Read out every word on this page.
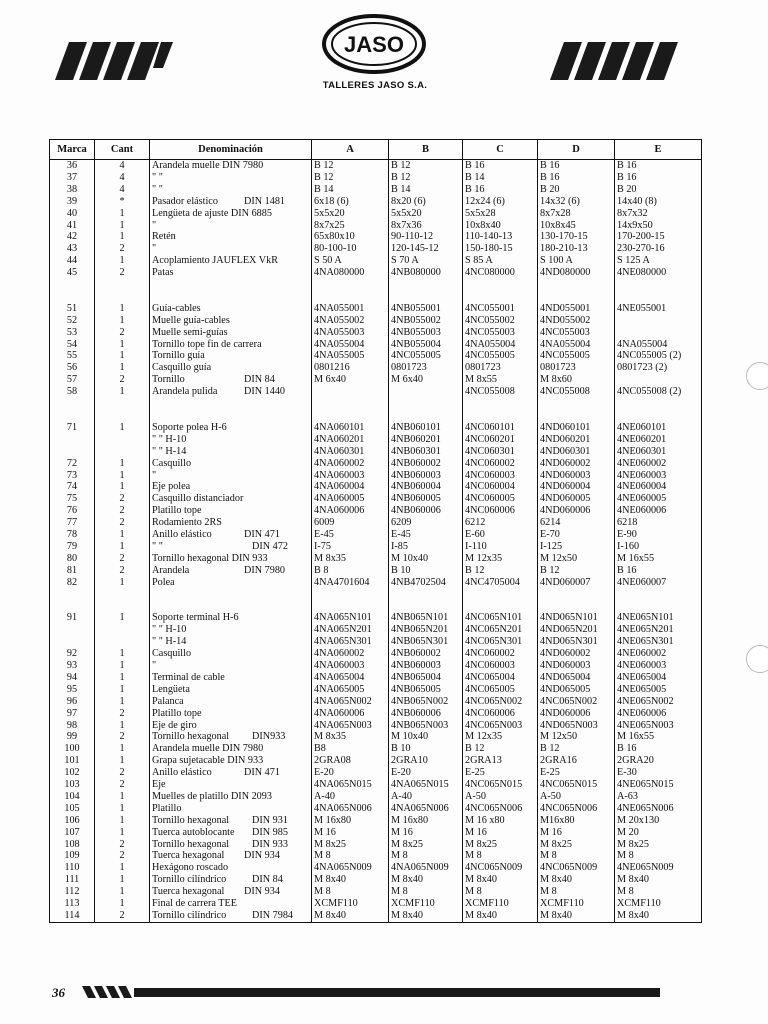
JASO
TALLERES JASO S.A.
Marca	Cant	Denominación	A	B	C	D	E
36	4	Arandela muelle DIN 7980	B 12	B 12	B 16	B 16	B 16
37	4	" "	B 12	B 12	B 14	B 16	B 16
38	4	" "	B 14	B 14	B 16	B 20	B 20
39	*	Pasador elástico DIN 1481	6x18 (6)	8x20 (6)	12x24 (6)	14x32 (6)	14x40 (8)
40	1	Lengüeta de ajuste DIN 6885	5x5x20	5x5x20	5x5x28	8x7x28	8x7x32
41	1	"	8x7x25	8x7x36	10x8x40	10x8x45	14x9x50
42	1	Retén	65x80x10	90-110-12	110-140-13	130-170-15	170-200-15
43	2	"	80-100-10	120-145-12	150-180-15	180-210-13	230-270-16
44	1	Acoplamiento JAUFLEX VkR	S 50 A	S 70 A	S 85 A	S 100 A	S 125 A
45	2	Patas	4NA080000	4NB080000	4NC080000	4ND080000	4NE080000

51	1	Guía-cables	4NA055001	4NB055001	4NC055001	4ND055001	4NE055001
52	1	Muelle guía-cables	4NA055002	4NB055002	4NC055002	4ND055002	
53	2	Muelle semi-guías	4NA055003	4NB055003	4NC055003	4NC055003	
54	1	Tornillo tope fin de carrera	4NA055004	4NB055004	4NA055004	4NA055004	4NA055004
55	1	Tornillo guía	4NA055005	4NC055005	4NC055005	4NC055005	4NC055005 (2)
56	1	Casquillo guía	0801216	0801723	0801723	0801723	0801723 (2)
57	2	Tornillo DIN 84	M 6x40	M 6x40	M 8x55	M 8x60	
58	1	Arandela pulida DIN 1440			4NC055008	4NC055008	4NC055008 (2)

71	1	Soporte polea H-6	4NA060101	4NB060101	4NC060101	4ND060101	4NE060101

		" " H-10	4NA060201	4NB060201	4NC060201	4ND060201	4NE060201

		" " H-14	4NA060301	4NB060301	4NC060301	4ND060301	4NE060301
72	1	Casquillo	4NA060002	4NB060002	4NC060002	4ND060002	4NE060002
73	1	"	4NA060003	4NB060003	4NC060003	4ND060003	4NE060003
74	1	Eje polea	4NA060004	4NB060004	4NC060004	4ND060004	4NE060004
75	2	Casquillo distanciador	4NA060005	4NB060005	4NC060005	4ND060005	4NE060005
76	2	Platillo tope	4NA060006	4NB060006	4NC060006	4ND060006	4NE060006
77	2	Rodamiento 2RS	6009	6209	6212	6214	6218
78	1	Anillo elástico DIN 471	E-45	E-45	E-60	E-70	E-90
79	1	" " DIN 472	I-75	I-85	I-110	I-125	I-160
80	2	Tornillo hexagonal DIN 933	M 8x35	M 10x40	M 12x35	M 12x50	M 16x55
81	2	Arandela DIN 7980	B 8	B 10	B 12	B 12	B 16
82	1	Polea	4NA4701604	4NB4702504	4NC4705004	4ND060007	4NE060007

91	1	Soporte terminal H-6	4NA065N101	4NB065N101	4NC065N101	4ND065N101	4NE065N101

		" " H-10	4NA065N201	4NB065N201	4NC065N201	4ND065N201	4NE065N201

		" " H-14	4NA065N301	4NB065N301	4NC065N301	4ND065N301	4NE065N301
92	1	Casquillo	4NA060002	4NB060002	4NC060002	4ND060002	4NE060002
93	1	"	4NA060003	4NB060003	4NC060003	4ND060003	4NE060003
94	1	Terminal de cable	4NA065004	4NB065004	4NC065004	4ND065004	4NE065004
95	1	Lengüeta	4NA065005	4NB065005	4NC065005	4ND065005	4NE065005
96	1	Palanca	4NA065N002	4NB065N002	4NC065N002	4NC065N002	4NE065N002
97	2	Platillo tope	4NA060006	4NB060006	4NC060006	4ND060006	4NE060006
98	1	Eje de giro	4NA065N003	4NB065N003	4NC065N003	4ND065N003	4NE065N003
99	2	Tornillo hexagonal DIN933	M 8x35	M 10x40	M 12x35	M 12x50	M 16x55
100	1	Arandela muelle DIN 7980	B8	B 10	B 12	B 12	B 16
101	1	Grapa sujetacable DIN 933	2GRA08	2GRA10	2GRA13	2GRA16	2GRA20
102	2	Anillo elástico DIN 471	E-20	E-20	E-25	E-25	E-30
103	2	Eje	4NA065N015	4NA065N015	4NC065N015	4NC065N015	4NE065N015
104	1	Muelles de platillo DIN 2093	A-40	A-40	A-50	A-50	A-63
105	1	Platillo	4NA065N006	4NA065N006	4NC065N006	4NC065N006	4NE065N006
106	1	Tornillo hexagonal DIN 931	M 16x80	M 16x80	M 16 x80	M16x80	M 20x130
107	1	Tuerca autoblocante DIN 985	M 16	M 16	M 16	M 16	M 20
108	2	Tornillo hexagonal DIN 933	M 8x25	M 8x25	M 8x25	M 8x25	M 8x25
109	2	Tuerca hexagonal DIN 934	M 8	M 8	M 8	M 8	M 8
110	1	Hexágono roscado	4NA065N009	4NA065N009	4NC065N009	4NC065N009	4NE065N009
111	1	Tornillo cilíndrico DIN 84	M 8x40	M 8x40	M 8x40	M 8x40	M 8x40
112	1	Tuerca hexagonal DIN 934	M 8	M 8	M 8	M 8	M 8
113	1	Final de carrera TEE	XCMF110	XCMF110	XCMF110	XCMF110	XCMF110
114	2	Tornillo cilíndrico DIN 7984	M 8x40	M 8x40	M 8x40	M 8x40	M 8x40
36
